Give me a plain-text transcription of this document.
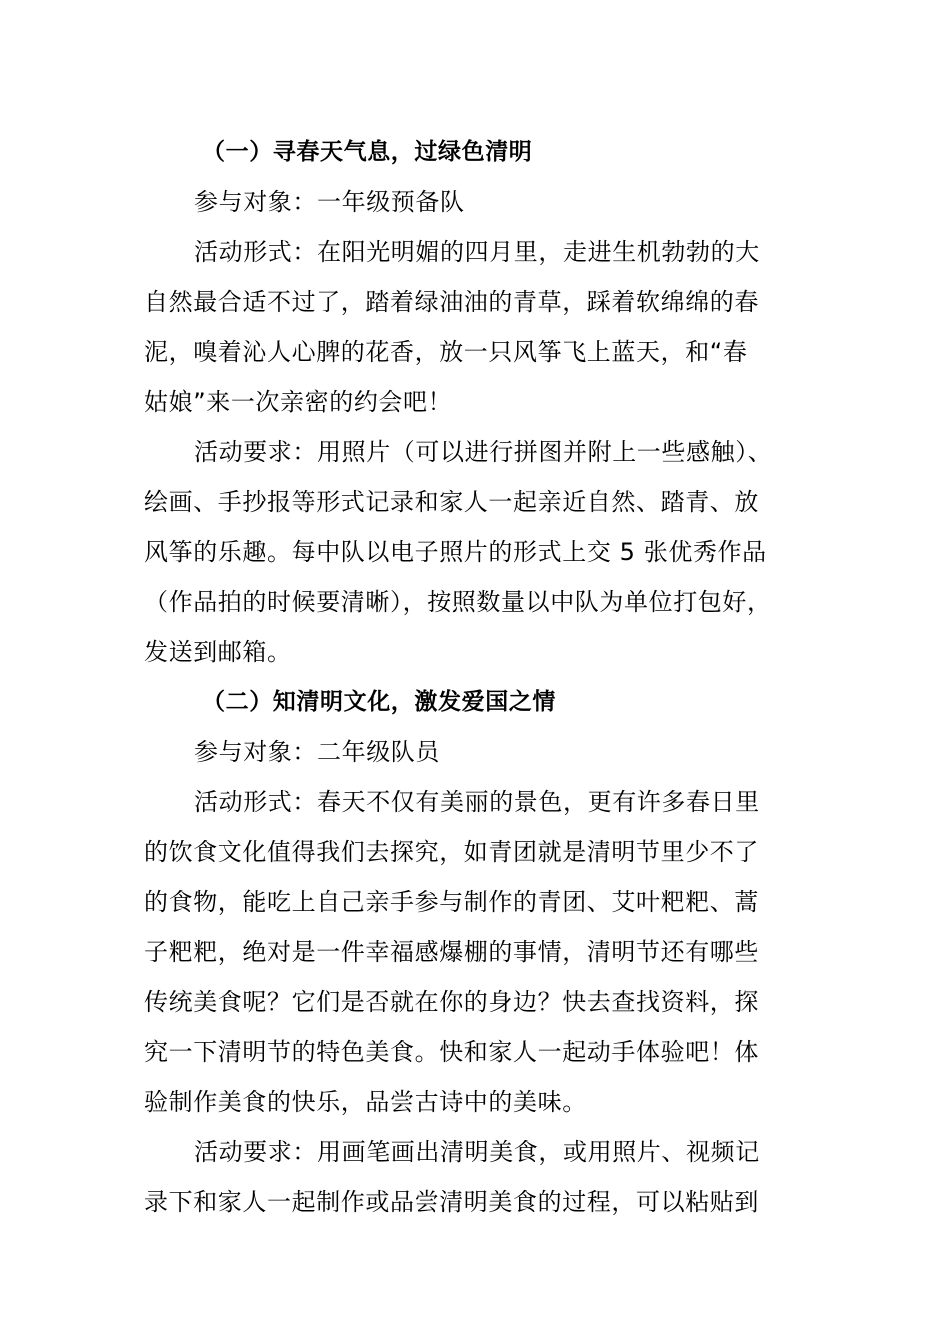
（一）寻春天气息，过绿色清明
参与对象：一年级预备队
活动形式：在阳光明媚的四月里，走进生机勃勃的大
自然最合适不过了，踏着绿油油的青草，踩着软绵绵的春
泥，嗅着沁人心脾的花香，放一只风筝飞上蓝天，和“春
姑娘”来一次亲密的约会吧！
活动要求：用照片（可以进行拼图并附上一些感触）、
绘画、手抄报等形式记录和家人一起亲近自然、踏青、放
风筝的乐趣。每中队以电子照片的形式上交 5 张优秀作品
（作品拍的时候要清晰），按照数量以中队为单位打包好，
发送到邮箱。
（二）知清明文化，激发爱国之情
参与对象：二年级队员
活动形式：春天不仅有美丽的景色，更有许多春日里
的饮食文化值得我们去探究，如青团就是清明节里少不了
的食物，能吃上自己亲手参与制作的青团、艾叶粑粑、蒿
子粑粑，绝对是一件幸福感爆棚的事情，清明节还有哪些
传统美食呢？它们是否就在你的身边？快去查找资料，探
究一下清明节的特色美食。快和家人一起动手体验吧！体
验制作美食的快乐，品尝古诗中的美味。
活动要求：用画笔画出清明美食，或用照片、视频记
录下和家人一起制作或品尝清明美食的过程，可以粘贴到
